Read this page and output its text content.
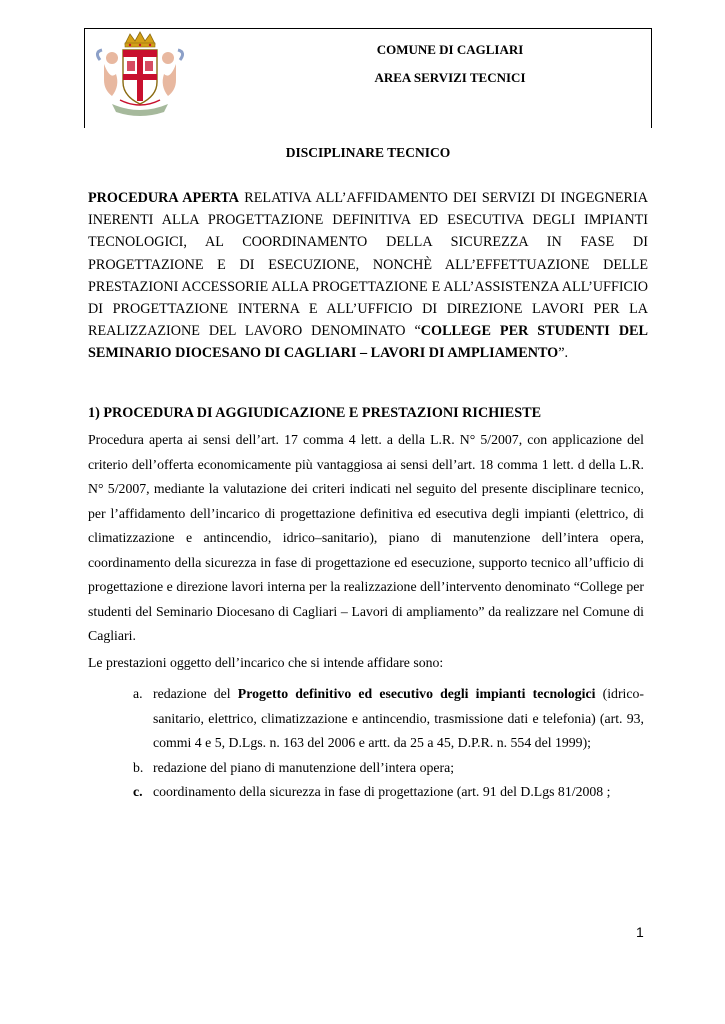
COMUNE DI CAGLIARI
AREA SERVIZI TECNICI
DISCIPLINARE TECNICO
PROCEDURA APERTA RELATIVA ALL’AFFIDAMENTO DEI SERVIZI DI INGEGNERIA INERENTI ALLA PROGETTAZIONE DEFINITIVA ED ESECUTIVA DEGLI IMPIANTI TECNOLOGICI, AL COORDINAMENTO DELLA SICUREZZA IN FASE DI PROGETTAZIONE E DI ESECUZIONE, NONCHÈ ALL’EFFETTUAZIONE DELLE PRESTAZIONI ACCESSORIE ALLA PROGETTAZIONE E ALL’ASSISTENZA ALL’UFFICIO DI PROGETTAZIONE INTERNA E ALL’UFFICIO DI DIREZIONE LAVORI PER LA REALIZZAZIONE DEL LAVORO DENOMINATO “COLLEGE PER STUDENTI DEL SEMINARIO DIOCESANO DI CAGLIARI – LAVORI DI AMPLIAMENTO”.
1) PROCEDURA DI AGGIUDICAZIONE E PRESTAZIONI RICHIESTE
Procedura aperta ai sensi dell’art. 17 comma 4 lett. a della L.R. N° 5/2007, con applicazione del criterio dell’offerta economicamente più vantaggiosa ai sensi dell’art. 18 comma 1 lett. d della L.R. N° 5/2007, mediante la valutazione dei criteri indicati nel seguito del presente disciplinare tecnico, per l’affidamento dell’incarico di progettazione definitiva ed esecutiva degli impianti (elettrico, di climatizzazione e antincendio, idrico–sanitario), piano di manutenzione dell’intera opera, coordinamento della sicurezza in fase di progettazione ed esecuzione, supporto tecnico all’ufficio di progettazione e direzione lavori interna per la realizzazione dell’intervento denominato “College per studenti del Seminario Diocesano di Cagliari – Lavori di ampliamento” da realizzare nel Comune di Cagliari.
Le prestazioni oggetto dell’incarico che si intende affidare sono:
a. redazione del Progetto definitivo ed esecutivo degli impianti tecnologici (idrico-sanitario, elettrico, climatizzazione e antincendio, trasmissione dati e telefonia) (art. 93, commi 4 e 5, D.Lgs. n. 163 del 2006 e artt. da 25 a 45, D.P.R. n. 554 del 1999);
b. redazione del piano di manutenzione dell’intera opera;
c. coordinamento della sicurezza in fase di progettazione (art. 91 del D.Lgs 81/2008 ;
1
